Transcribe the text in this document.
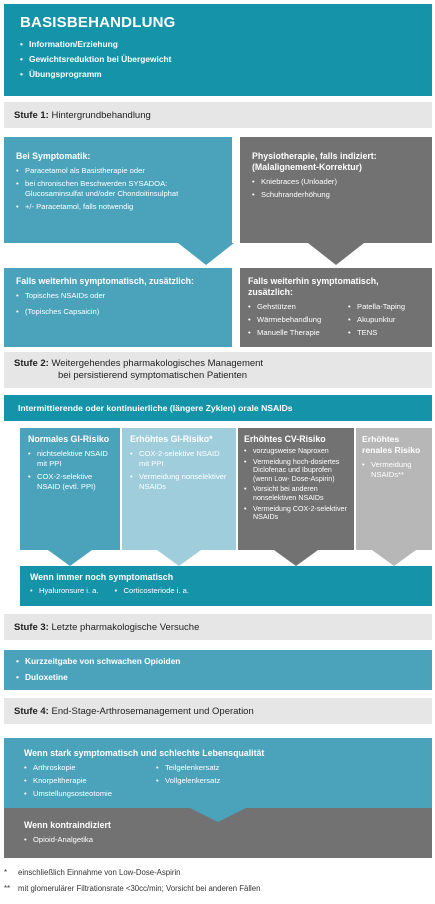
BASISBEHANDLUNG
• Information/Erziehung
• Gewichtsreduktion bei Übergewicht
• Übungsprogramm
Stufe 1: Hintergrundbehandlung
Bei Symptomatik:
• Paracetamol als Basistherapie oder
• bei chronischen Beschwerden SYSADOA: Glucosaminsulfat und/oder Chondoitinsulphat
• +/- Paracetamol, falls notwendig
Physiotherapie, falls indiziert: (Malalignement-Korrektur)
• Kniebraces (Unloader)
• Schuhranderhöhung
Falls weiterhin symptomatisch, zusätzlich:
• Topisches NSAIDs oder
• (Topisches Capsaicin)
Falls weiterhin symptomatisch, zusätzlich:
• Gehstützen
• Wärmebehandlung
• Manuelle Therapie
• Patella-Taping
• Akupunktur
• TENS
Stufe 2: Weitergehendes pharmakologisches Management
bei persistierend symptomatischen Patienten
Intermittierende oder kontinuierliche (längere Zyklen) orale NSAIDs
Normales GI-Risiko
• nichtselektive NSAID mit PPI
• COX-2-selektive NSAID (evtl. PPI)
Erhöhtes GI-Risiko*
• COX-2-selektive NSAID mit PPI
• Vermeidung nonselektiver NSAIDs
Erhöhtes CV-Risiko
• vorzugsweise Naproxen
• Vermeidung hoch-dosiertes Diclofenac und Ibuprofen (wenn Low- Dose-Aspirin)
• Vorsicht bei anderen nonselektiven NSAIDs
• Vermeidung COX-2-selektiver NSAIDs
Erhöhtes renales Risiko
• Vermeidung NSAIDs**
Wenn immer noch symptomatisch
• Hyaluronsure i. a.
•	Corticosteriode i. a.
Stufe 3: Letzte pharmakologische Versuche
• Kurzzeitgabe von schwachen Opioiden
• Duloxetine
Stufe 4: End-Stage-Arthrosemanagement und Operation
Wenn stark symptomatisch und schlechte Lebensqualität
• Arthroskopie
• Knorpeltherapie
• Umstellungsosteotomie
• Teilgelenkersatz
• Vollgelenkersatz
Wenn kontraindiziert
• Opioid-Analgetika
* einschließlich Einnahme von Low-Dose-Aspirin
** mit glomerulärer Filtrationsrate <30cc/min; Vorsicht bei anderen Fällen
